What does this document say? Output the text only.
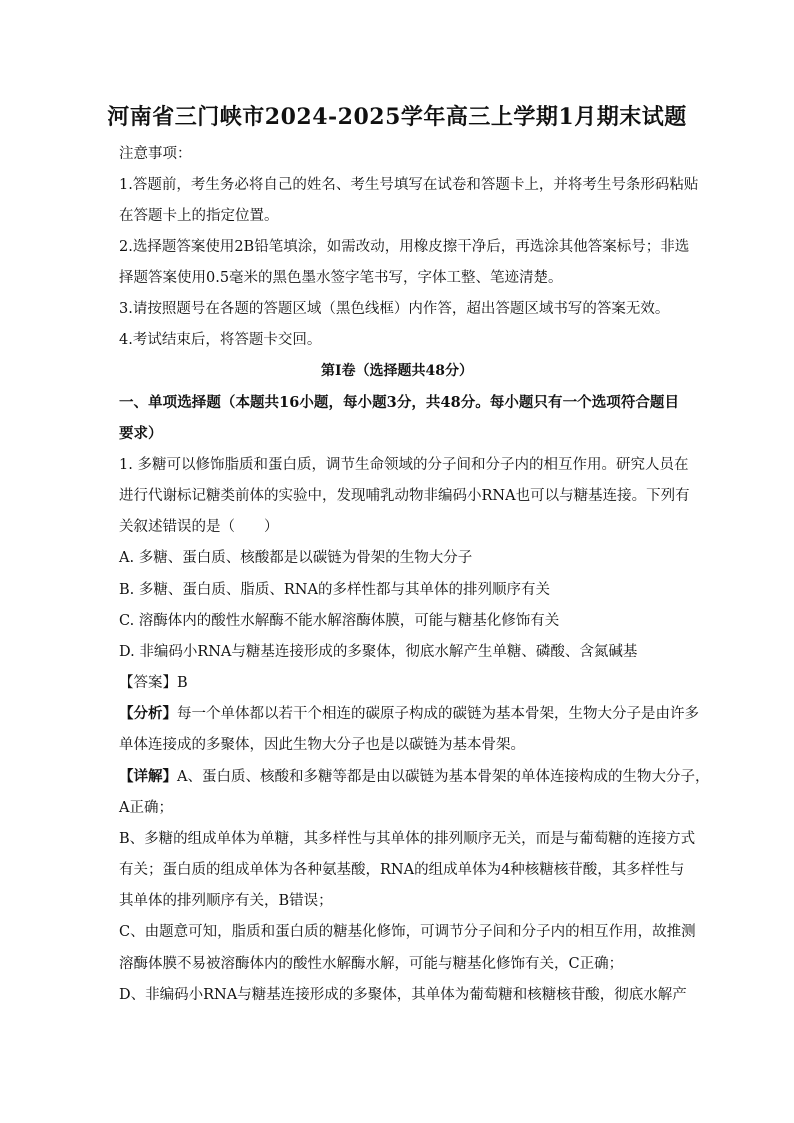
河南省三门峡市2024-2025学年高三上学期1月期末试题
注意事项：
1.答题前，考生务必将自己的姓名、考生号填写在试卷和答题卡上，并将考生号条形码粘贴
在答题卡上的指定位置。
2.选择题答案使用2B铅笔填涂，如需改动，用橡皮擦干净后，再选涂其他答案标号；非选
择题答案使用0.5毫米的黑色墨水签字笔书写，字体工整、笔迹清楚。
3.请按照题号在各题的答题区域（黑色线框）内作答，超出答题区域书写的答案无效。
4.考试结束后，将答题卡交回。
第Ⅰ卷（选择题共48分）
一、单项选择题（本题共16小题，每小题3分，共48分。每小题只有一个选项符合题目
要求）
1. 多糖可以修饰脂质和蛋白质，调节生命领域的分子间和分子内的相互作用。研究人员在
进行代谢标记糖类前体的实验中，发现哺乳动物非编码小RNA也可以与糖基连接。下列有
关叙述错误的是（　　）
A. 多糖、蛋白质、核酸都是以碳链为骨架的生物大分子
B. 多糖、蛋白质、脂质、RNA的多样性都与其单体的排列顺序有关
C. 溶酶体内的酸性水解酶不能水解溶酶体膜，可能与糖基化修饰有关
D. 非编码小RNA与糖基连接形成的多聚体，彻底水解产生单糖、磷酸、含氮碱基
【答案】B
【分析】每一个单体都以若干个相连的碳原子构成的碳链为基本骨架，生物大分子是由许多
单体连接成的多聚体，因此生物大分子也是以碳链为基本骨架。
【详解】A、蛋白质、核酸和多糖等都是由以碳链为基本骨架的单体连接构成的生物大分子，
A正确；
B、多糖的组成单体为单糖，其多样性与其单体的排列顺序无关，而是与葡萄糖的连接方式
有关；蛋白质的组成单体为各种氨基酸，RNA的组成单体为4种核糖核苷酸，其多样性与
其单体的排列顺序有关，B错误；
C、由题意可知，脂质和蛋白质的糖基化修饰，可调节分子间和分子内的相互作用，故推测
溶酶体膜不易被溶酶体内的酸性水解酶水解，可能与糖基化修饰有关，C正确；
D、非编码小RNA与糖基连接形成的多聚体，其单体为葡萄糖和核糖核苷酸，彻底水解产
